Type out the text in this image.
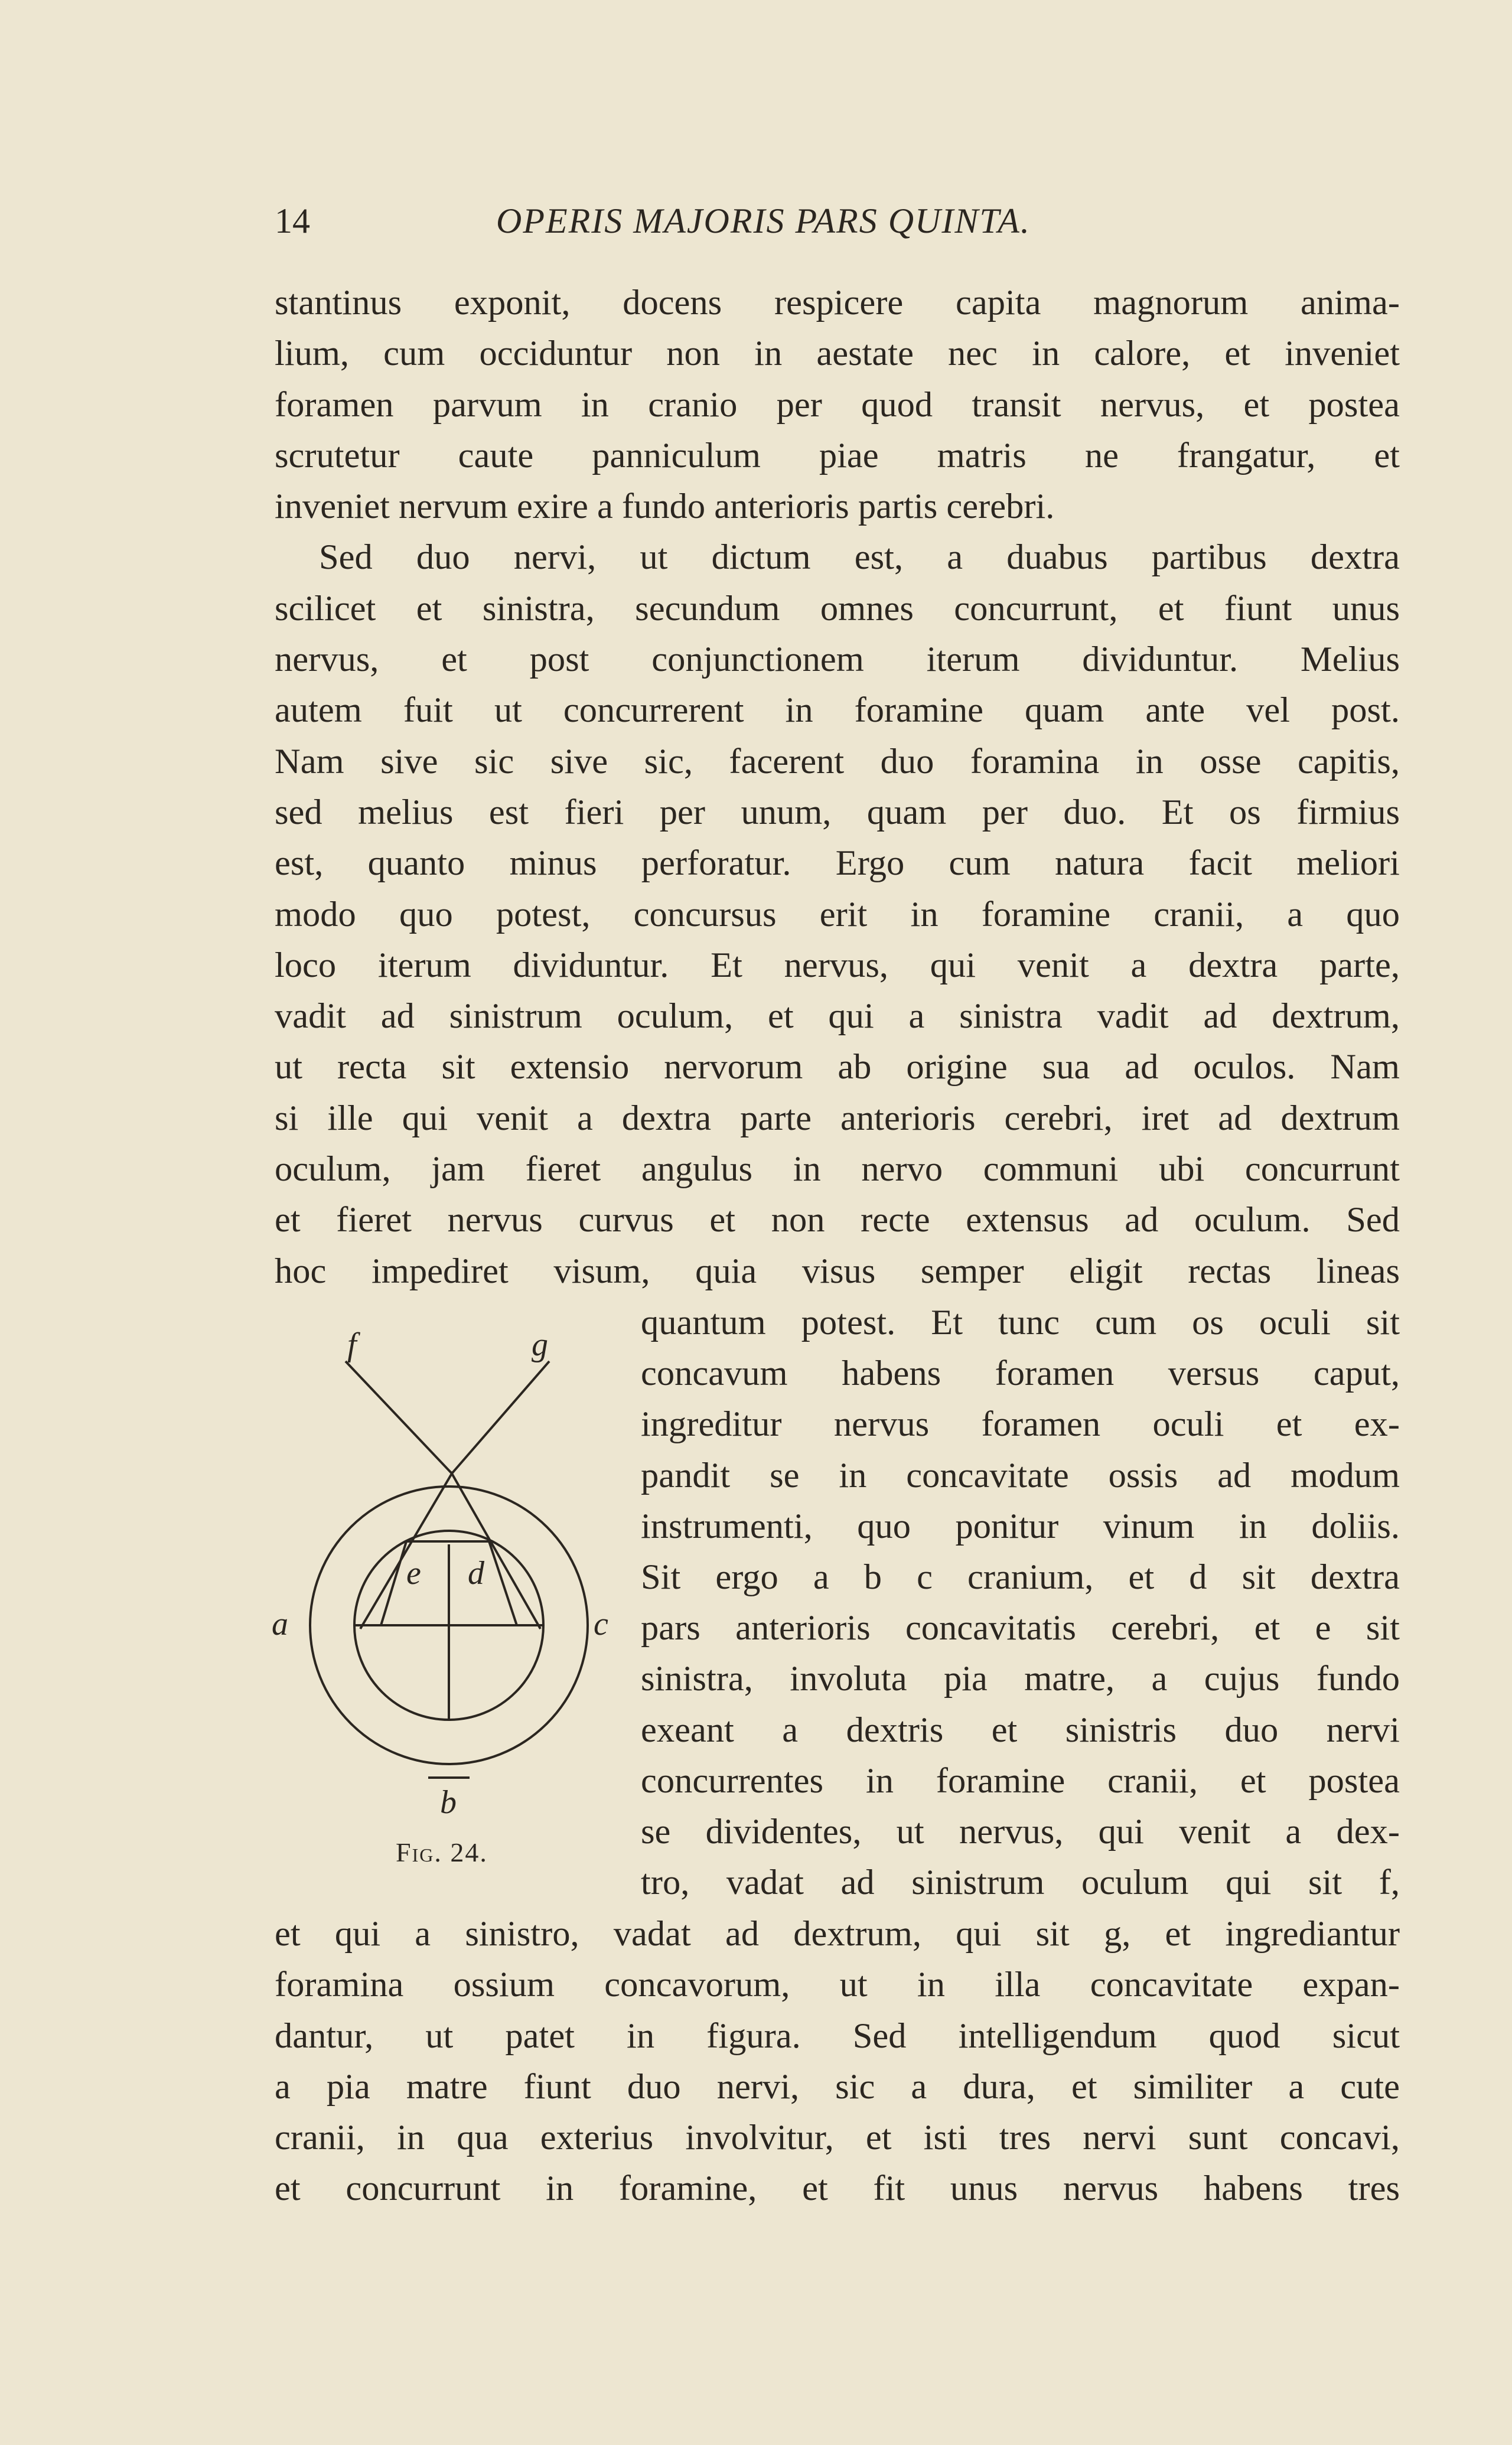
14	OPERIS MAJORIS PARS QUINTA.
stantinus exponit, docens respicere capita magnorum anima-
lium, cum occiduntur non in aestate nec in calore, et inveniet
foramen parvum in cranio per quod transit nervus, et postea
scrutetur caute panniculum piae matris ne frangatur, et
inveniet nervum exire a fundo anterioris partis cerebri.
Sed duo nervi, ut dictum est, a duabus partibus dextra
scilicet et sinistra, secundum omnes concurrunt, et fiunt unus
nervus, et post conjunctionem iterum dividuntur. Melius
autem fuit ut concurrerent in foramine quam ante vel post.
Nam sive sic sive sic, facerent duo foramina in osse capitis,
sed melius est fieri per unum, quam per duo. Et os firmius
est, quanto minus perforatur. Ergo cum natura facit meliori
modo quo potest, concursus erit in foramine cranii, a quo
loco iterum dividuntur. Et nervus, qui venit a dextra parte,
vadit ad sinistrum oculum, et qui a sinistra vadit ad dextrum,
ut recta sit extensio nervorum ab origine sua ad oculos. Nam
si ille qui venit a dextra parte anterioris cerebri, iret ad dextrum
oculum, jam fieret angulus in nervo communi ubi concurrunt
et fieret nervus curvus et non recte extensus ad oculum. Sed
hoc impediret visum, quia visus semper eligit rectas lineas
quantum potest. Et tunc cum os oculi sit
concavum habens foramen versus caput,
ingreditur nervus foramen oculi et ex-
pandit se in concavitate ossis ad modum
instrumenti, quo ponitur vinum in doliis.
Sit ergo a b c cranium, et d sit dextra
pars anterioris concavitatis cerebri, et e sit
sinistra, involuta pia matre, a cujus fundo
exeant a dextris et sinistris duo nervi
concurrentes in foramine cranii, et postea
se dividentes, ut nervus, qui venit a dex-
tro, vadat ad sinistrum oculum qui sit f,
et qui a sinistro, vadat ad dextrum, qui sit g, et ingrediantur
foramina ossium concavorum, ut in illa concavitate expan-
dantur, ut patet in figura. Sed intelligendum quod sicut
a pia matre fiunt duo nervi, sic a dura, et similiter a cute
cranii, in qua exterius involvitur, et isti tres nervi sunt concavi,
et concurrunt in foramine, et fit unus nervus habens tres
f	g
a	c
e d
b
Fig. 24.
